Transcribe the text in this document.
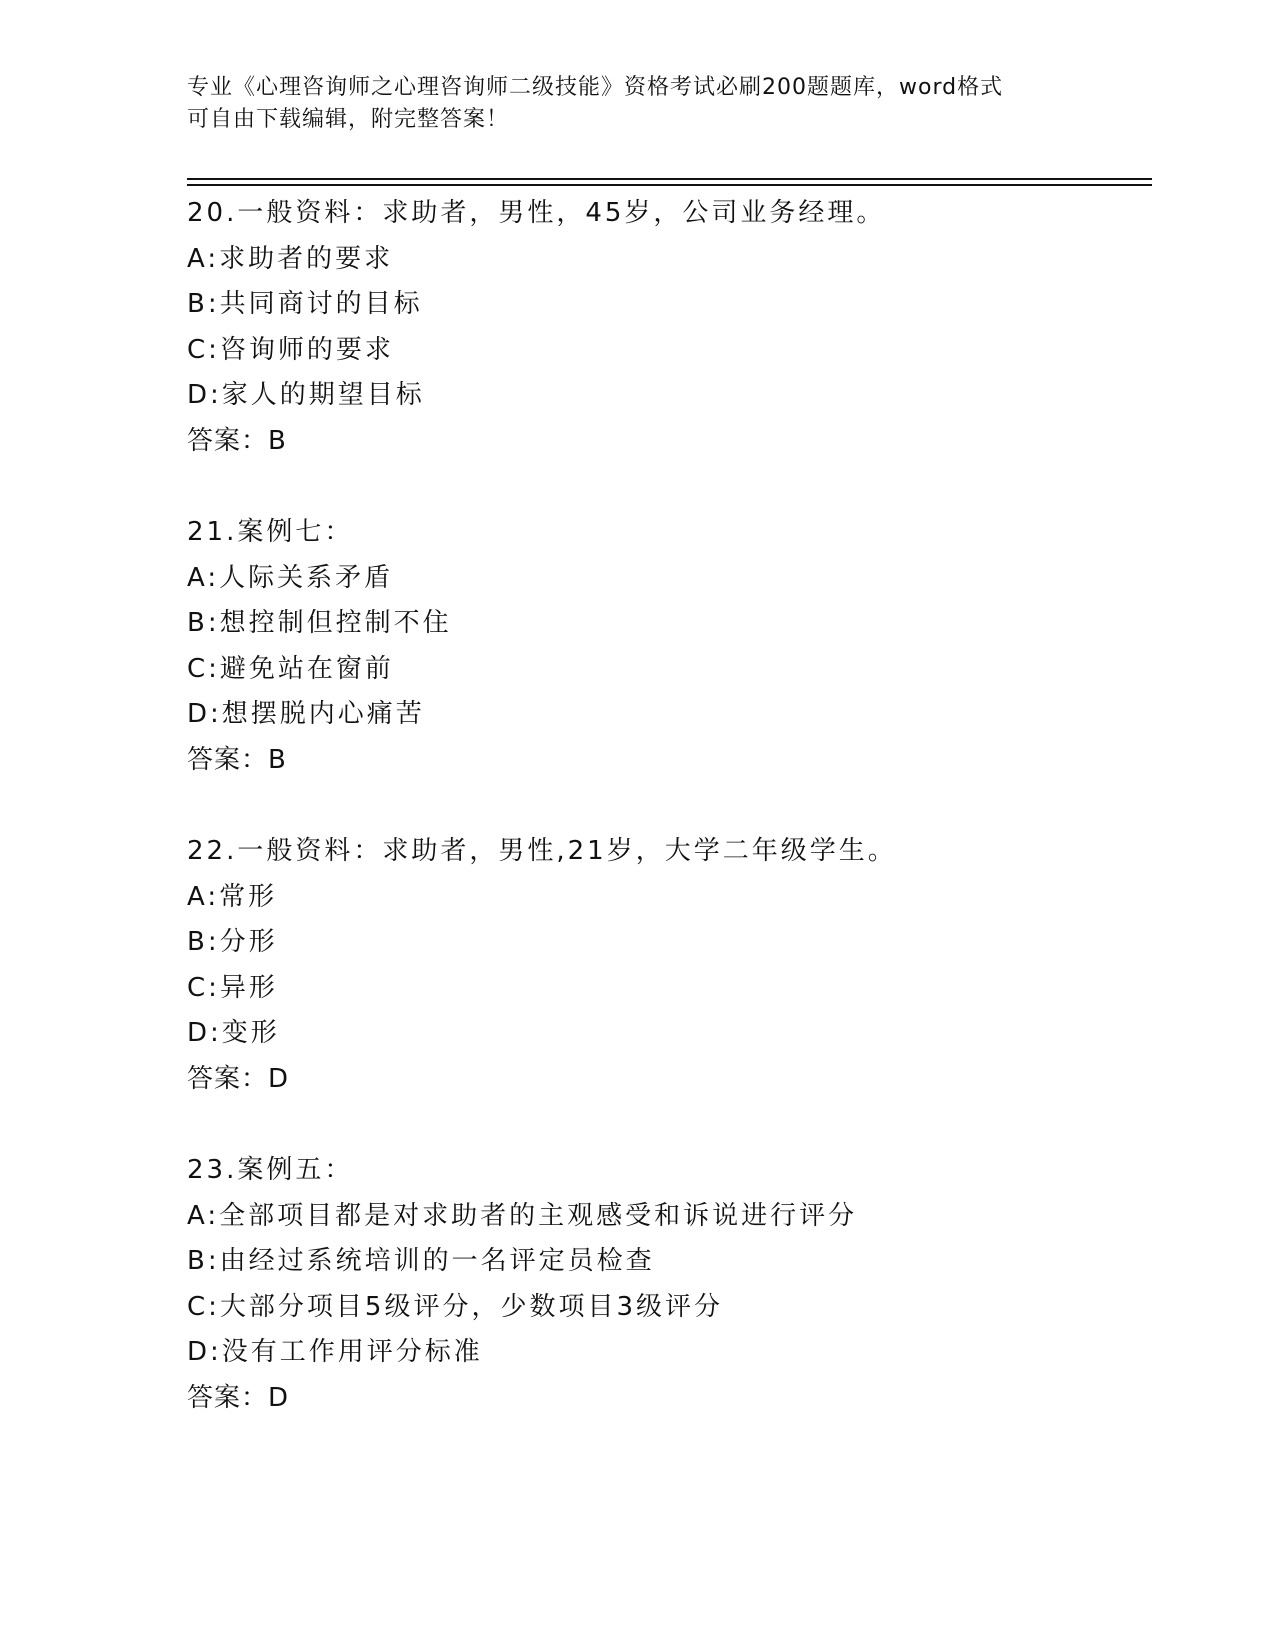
专业《心理咨询师之心理咨询师二级技能》资格考试必刷200题题库，word格式
可自由下载编辑，附完整答案！
20.一般资料：求助者，男性，45岁，公司业务经理。
A:求助者的要求
B:共同商讨的目标
C:咨询师的要求
D:家人的期望目标
答案：B
21.案例七：
A:人际关系矛盾
B:想控制但控制不住
C:避免站在窗前
D:想摆脱内心痛苦
答案：B
22.一般资料：求助者，男性,21岁，大学二年级学生。
A:常形
B:分形
C:异形
D:变形
答案：D
23.案例五：
A:全部项目都是对求助者的主观感受和诉说进行评分
B:由经过系统培训的一名评定员检查
C:大部分项目5级评分，少数项目3级评分
D:没有工作用评分标准
答案：D
